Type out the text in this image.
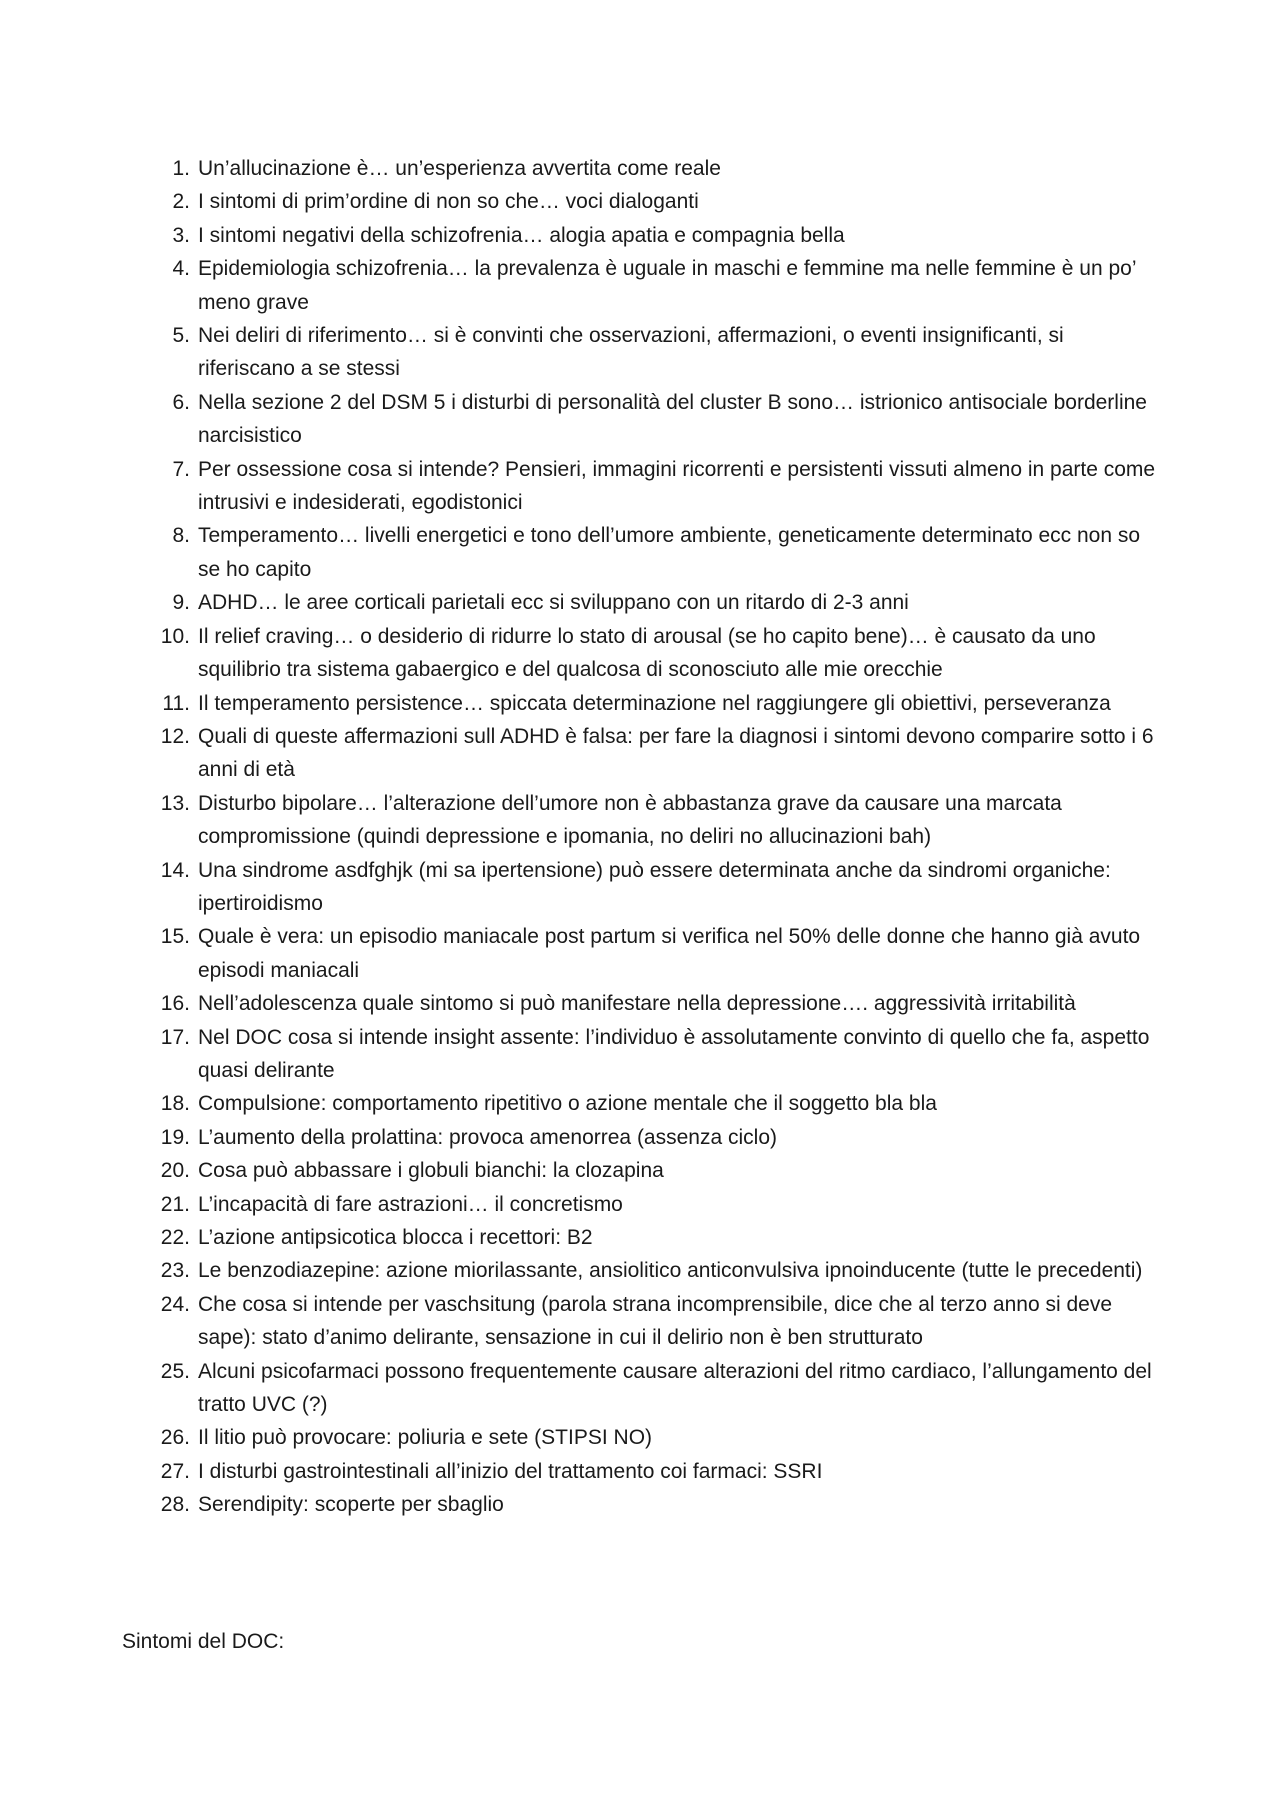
1 . Un’allucinazione è… un’esperienza avvertita come reale
2 . I sintomi di prim’ordine di non so che… voci dialoganti
3 . I sintomi negativi della schizofrenia… alogia apatia e compagnia bella
4 . Epidemiologia schizofrenia… la prevalenza è uguale in maschi e femmine ma nelle femmine è un po’ meno grave
5 . Nei deliri di riferimento… si è convinti che osservazioni, affermazioni, o eventi insignificanti, si riferiscano a se stessi
6 . Nella sezione 2 del DSM 5 i disturbi di personalità del cluster B sono… istrionico antisociale borderline narcisistico
7 . Per ossessione cosa si intende? Pensieri, immagini ricorrenti e persistenti vissuti almeno in parte come intrusivi e indesiderati, egodistonici
8 . Temperamento… livelli energetici e tono dell’umore ambiente, geneticamente determinato ecc non so se ho capito
9 . ADHD… le aree corticali parietali ecc si sviluppano con un ritardo di 2-3 anni
10 . Il relief craving… o desiderio di ridurre lo stato di arousal (se ho capito bene)… è causato da uno squilibrio tra sistema gabaergico e del qualcosa di sconosciuto alle mie orecchie
11 . Il temperamento persistence… spiccata determinazione nel raggiungere gli obiettivi, perseveranza
12 . Quali di queste affermazioni sull ADHD è falsa: per fare la diagnosi i sintomi devono comparire sotto i 6 anni di età
13 . Disturbo bipolare… l’alterazione dell’umore non è abbastanza grave da causare una marcata compromissione (quindi depressione e ipomania, no deliri no allucinazioni bah)
14 . Una sindrome asdfghjk (mi sa ipertensione) può essere determinata anche da sindromi organiche: ipertiroidismo
15 . Quale è vera: un episodio maniacale post partum si verifica nel 50% delle donne che hanno già avuto episodi maniacali
16 . Nell’adolescenza quale sintomo si può manifestare nella depressione…. aggressività irritabilità
17 . Nel DOC cosa si intende insight assente: l’individuo è assolutamente convinto di quello che fa, aspetto quasi delirante
18 . Compulsione: comportamento ripetitivo o azione mentale che il soggetto bla bla
19 . L’aumento della prolattina: provoca amenorrea (assenza ciclo)
20 . Cosa può abbassare i globuli bianchi: la clozapina
21 . L’incapacità di fare astrazioni… il concretismo
22 . L’azione antipsicotica blocca i recettori: B2
23 . Le benzodiazepine: azione miorilassante, ansiolitico anticonvulsiva ipnoinducente (tutte le precedenti)
24 . Che cosa si intende per vaschsitung (parola strana incomprensibile, dice che al terzo anno si deve sape): stato d’animo delirante, sensazione in cui il delirio non è ben strutturato
25 . Alcuni psicofarmaci possono frequentemente causare alterazioni del ritmo cardiaco, l’allungamento del tratto UVC (?)
26 . Il litio può provocare: poliuria e sete (STIPSI NO)
27 . I disturbi gastrointestinali all’inizio del trattamento coi farmaci: SSRI
28 . Serendipity: scoperte per sbaglio

Sintomi del DOC:
